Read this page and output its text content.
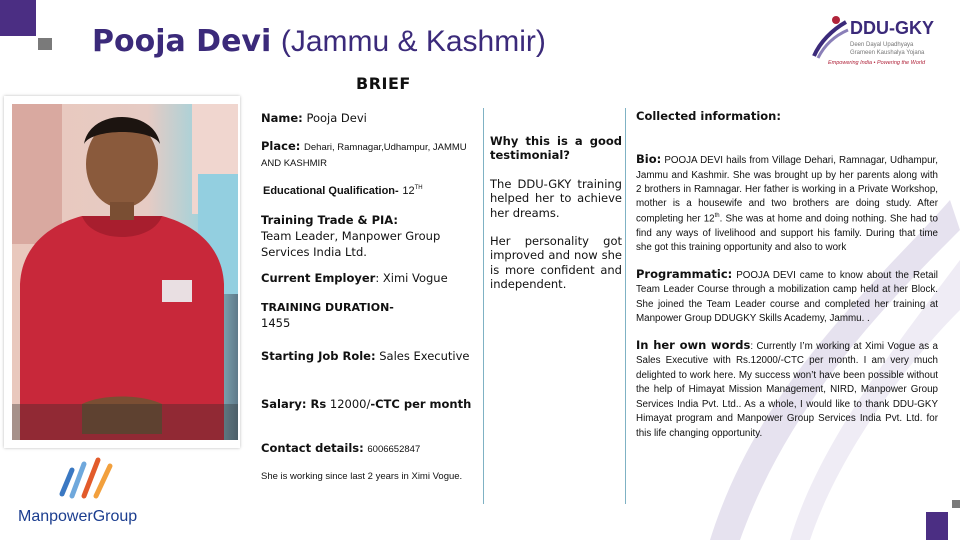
Pooja Devi (Jammu & Kashmir)
BRIEF
DDU-GKY
Deen Dayal Upadhyaya
Grameen Kaushalya Yojana
Empowering India • Powering the World
ManpowerGroup
Name: Pooja Devi
Place: Dehari, Ramnagar,Udhampur, JAMMU AND KASHMIR
Educational Qualification- 12TH
Training Trade & PIA:
Team Leader, Manpower Group Services India Ltd.
Current Employer: Ximi Vogue
TRAINING DURATION-
1455
Starting Job Role: Sales Executive
Salary: Rs 12000/-CTC per month
Contact details: 6006652847
She is working since last 2 years in Ximi Vogue.

Why this is a good testimonial?

The DDU-GKY training helped her to achieve her dreams.

Her personality got improved and now she is more confident and independent.

Collected information:

Bio: POOJA DEVI hails from Village Dehari, Ramnagar, Udhampur, Jammu and Kashmir. She was brought up by her parents along with 2 brothers in Ramnagar. Her father is working in a Private Workshop, mother is a housewife and two brothers are doing study. After completing her 12th. She was at home and doing nothing. She had to find any ways of livelihood and support his family. During that time she got this training opportunity and also to work

Programmatic: POOJA DEVI came to know about the Retail Team Leader Course through a mobilization camp held at her Block. She joined the Team Leader course and completed her training at Manpower Group DDUGKY Skills Academy, Jammu. .

In her own words: Currently I’m working at Ximi Vogue as a Sales Executive with Rs.12000/-CTC per month. I am very much delighted to work here. My success won’t have been possible without the help of Himayat Mission Management, NIRD, Manpower Group Services India Pvt. Ltd.. As a whole, I would like to thank DDU-GKY Himayat program and Manpower Group Services India Pvt. Ltd. for this life changing opportunity.
